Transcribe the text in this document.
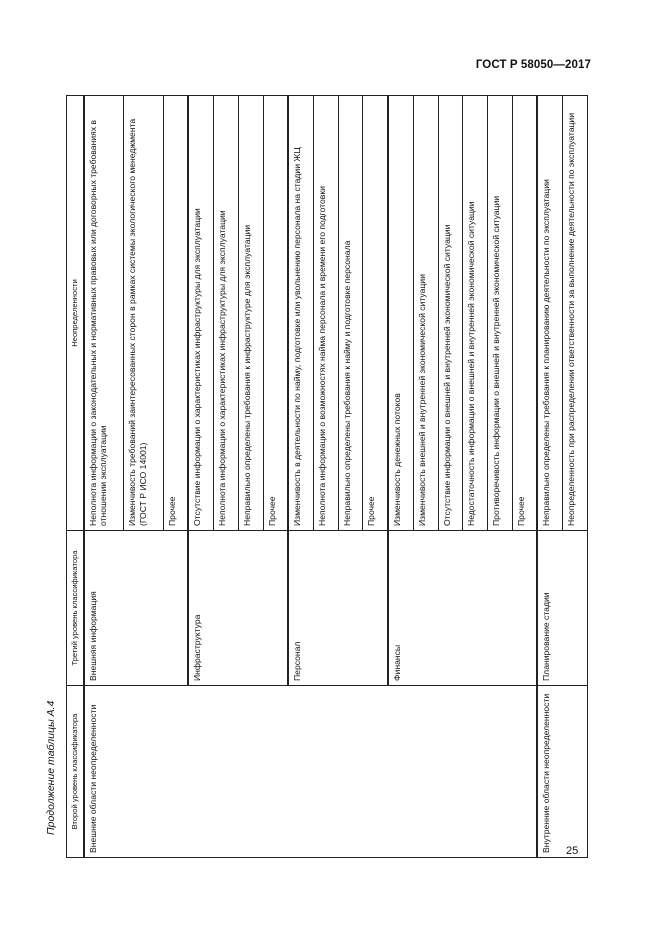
ГОСТ Р 58050—2017
Продолжение таблицы А.4
25
Второй уровень классификатора	Третий уровень классификатора	Неопределенности
Внешние области неопределенности	Внешняя информация	Неполнота информации о законодательных и нормативных правовых или договорных требованиях в отношении эксплуатации
		Изменчивость требований заинтересованных сторон в рамках системы экологического менеджмента (ГОСТ Р ИСО 14001)
		Прочее
	Инфраструктура	Отсутствие информации о характеристиках инфраструктуры для эксплуатации
		Неполнота информации о характеристиках инфраструктуры для эксплуатации
		Неправильно определены требования к инфраструктуре для эксплуатации
		Прочее
	Персонал	Изменчивость в деятельности по найму, подготовке или увольнению персонала на стадии ЖЦ
		Неполнота информации о возможностях найма персонала и времени его подготовки
		Неправильно определены требования к найму и подготовке персонала
		Прочее
	Финансы	Изменчивость денежных потоков
		Изменчивость внешней и внутренней экономической ситуации
		Отсутствие информации о внешней и внутренней экономической ситуации
		Недостаточность информации о внешней и внутренней экономической ситуации
		Противоречивость информации о внешней и внутренней экономической ситуации
		Прочее
Внутренние области неопределенности	Планирование стадии	Неправильно определены требования к планированию деятельности по эксплуатации
		Неопределенность при распределении ответственности за выполнение деятельности по эксплуатации
